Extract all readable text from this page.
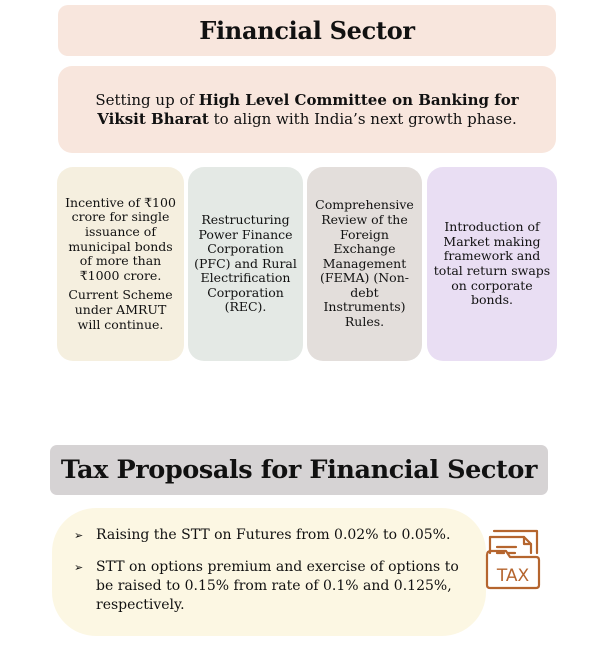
Financial Sector

Setting up of High Level Committee on Banking for Viksit Bharat to align with India’s next growth phase.

Incentive of ₹100 crore for single issuance of municipal bonds of more than ₹1000 crore.

Current Scheme under AMRUT will continue.

Restructuring Power Finance Corporation (PFC) and Rural Electrification Corporation (REC).

Comprehensive Review of the Foreign Exchange Management (FEMA) (Non-debt Instruments) Rules.

Introduction of Market making framework and total return swaps on corporate bonds.

Tax Proposals for Financial Sector
➢ Raising the STT on Futures from 0.02% to 0.05%.
➢ STT on options premium and exercise of options to be raised to 0.15% from rate of 0.1% and 0.125%, respectively.
TAX
